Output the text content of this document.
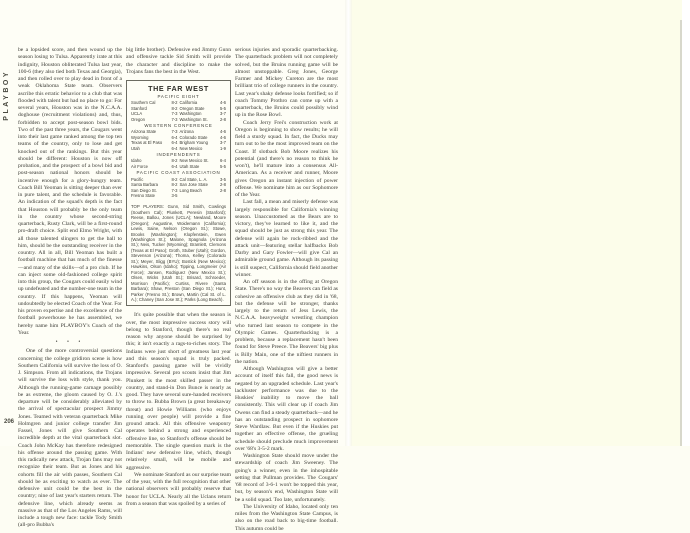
PLAYBOY
206

be a lopsided score, and then wound up the season losing to Tulsa. Apparently irate at this indignity, Houston obliterated Tulsa last year, 100-6 (they also tied both Texas and Georgia), and then rolled over to play dead in front of a weak Oklahoma State team. Observers ascribe this erratic behavior to a club that was flooded with talent but had no place to go: For several years, Houston was in the N.C.A.A. doghouse (recruitment violations) and, thus, forbidden to accept post-season bowl bids. Two of the past three years, the Cougars went into their last game ranked among the top ten teams of the country, only to lose and get knocked out of the rankings. But this year should be different: Houston is now off probation, and the prospect of a bowl bid and post-season national honors should be incentive enough for a glory-hungry team. Coach Bill Yeoman is sitting deeper than ever in pure talent, and the schedule is favorable. An indication of the squad's depth is the fact that Houston will probably be the only team in the country whose second-string quarterback, Rusty Clark, will be a first-round pro-draft choice. Split end Elmo Wright, with all those talented slingers to get the ball to him, should be the outstanding receiver in the country. All in all, Bill Yeoman has built a football machine that has much of the finesse—and many of the skills—of a pro club. If he can inject some old-fashioned college spirit into this group, the Cougars could easily wind up undefeated and the number-one team in the country. If this happens, Yeoman will undoubtedly be elected Coach of the Year. For his proven expertise and the excellence of the football powerhouse he has assembled, we hereby name him PLAYBOY's Coach of the Year.

• • •

One of the more controversial questions concerning the college gridiron scene is how Southern California will survive the loss of O. J. Simpson. From all indications, the Trojans will survive the loss with style, thank you. Although the running-game carnage possibly be as extreme, the gloom caused by O. J.'s departure will be considerably alleviated by the arrival of spectacular prospect Jimmy Jones. Teamed with veteran quarterback Mike Holmgren and junior college transfer Jim Fassel, Jones will give Southern Cal incredible depth at the vital quarterback slot. Coach John McKay has therefore redesigned his offense around the passing game. With this radically new attack, Trojan fans may not recognize their team. But as Jones and his cohorts fill the air with passes, Southern Cal should be as exciting to watch as ever. The defensive unit could be the best in the country; nine of last year's starters return. The defensive line, which already seems as massive as that of the Los Angeles Rams, will include a tough new face: tackle Tody Smith (all-pro Bubba's

big little brother). Defensive end Jimmy Gunn and offensive tackle Sid Smith will provide the character and discipline to make the Trojans fans the best in the West.

THE FAR WEST
PACIFIC EIGHT
Southern Cal	8-2 California	4-6
Stanford	8-2 Oregon State	5-5
UCLA	7-3 Washington	3-7
Oregon	7-3 Washington St.	2-8
WESTERN CONFERENCE
Arizona State	7-3 Arizona	4-6
Wyoming	6-4 Colorado State	4-6
Texas at El Paso	6-4 Brigham Young	3-7
Utah	6-4 New Mexico	1-9
INDEPENDENTS
Idaho	8-2 New Mexico St.	6-4
Air Force	6-4 Utah State	5-5
PACIFIC COAST ASSOCIATION
Pacific	8-2 Cal State, L. A.	3-5
Santa Barbara	8-2 San Jose State	2-8
San Diego St.	7-3 Long Beach	2-8
Fresno State	3-5
TOP PLAYERS: Gunn, Sid Smith, Cowlings (Southern Cal); Plunkett, Peresin (Stanford); Reese, Ballou, Jones (UCLA); Newland, Moore (Oregon); Augustine, Woidemann (California); Lewis, Saine, Nelson (Oregon St.); Stowe, Brooks (Washington); Klopfenstein, Ewen (Washington St.); Malone, Spagnola (Arizona St.); Neis, Tucker (Wyoming); Bramlett, Clemons (Texas at El Paso); Groth, Stuber (Utah); Gordon, Stevenson (Arizona); Thoma, Kelley (Colorado St.); Meyer, Sligg (BYU); Bostick (New Mexico); Hawkins, Olson (Idaho); Tipping, Longmeier (Air Force); Jansen, Rodriguez (New Mexico St.); Olsen, Wicks (Utah St.); Brisard, Schroeder, Morrison (Pacific); Curtiss, Rivere (Santa Barbara); Shaw, Preston (San Diego St.); Hunt, Parker (Fresno St.); Brown, Martin (Cal St. of L. A.); Chaney (San Jose St.); Parks (Long Beach).

It's quite possible that when the season is over, the most impressive success story will belong to Stanford, though there's no real reason why anyone should be surprised by this; it isn't exactly a rags-to-riches story. The Indians were just short of greatness last year and this season's squad is truly packed. Stanford's passing game will be vividly impressive. Several pro scouts insist that Jim Plunkett is the most skilled passer in the country, and stand-in Don Bunce is nearly as good. They have several sure-handed receivers to throw to. Bubba Brown (a great breakaway threat) and Howie Williams (who enjoys running over people) will provide a fine ground attack. All this offensive weaponry operates behind a strong and experienced offensive line, so Stanford's offense should be memorable. The single question mark is the Indians' new defensive line, which, though relatively small, will be mobile and aggressive.

We nominate Stanford as our surprise team of the year, with the full recognition that other national observers will probably reserve that honor for UCLA. Nearly all the Uclans return from a season that was spoiled by a series of

serious injuries and sporadic quarterbacking. The quarterback problem will not completely solved, but the Bruins running game will be almost unstoppable. Greg Jones, George Farmer and Mickey Cureton are the most brilliant trio of college runners in the country. Last year's shaky defense looks fortified; so if coach Tommy Prothro can come up with a quarterback, the Bruins could possibly wind up in the Rose Bowl.

Coach Jerry Frei's construction work at Oregon is beginning to show results; he will field a sturdy squad. In fact, the Ducks may turn out to be the most improved team on the Coast. If slotback Bob Moore realizes his potential (and there's no reason to think he won't), he'll mature into a consensus All-American. As a receiver and runner, Moore gives Oregon an instant injection of power offense. We nominate him as our Sophomore of the Year.

Last fall, a mean and miserly defense was largely responsible for California's winning season. Unaccustomed as the Bears are to victory, they've learned to like it, and the squad should be just as strong this year. The defense will again be rock-ribbed and the attack unit—featuring stellar halfbacks Bob Darby and Gary Fowler—will give Cal an admirable ground game. Although its passing is still suspect, California should field another winner.

An off season is in the offing at Oregon State. There's no way the Beavers can field as cohesive an offensive club as they did in '68, but the defense will be stronger, thanks largely to the return of Jess Lewis, the N.C.A.A. heavyweight wrestling champion who turned last season to compete in the Olympic Games. Quarterbacking is a problem, because a replacement hasn't been found for Steve Preece. The Beavers' big plus is Billy Main, one of the niftiest runners in the nation.

Although Washington will give a better account of itself this fall, the good news is negated by an upgraded schedule. Last year's lackluster performance was due to the Huskies' inability to move the ball consistently. This will clear up if coach Jim Owens can find a steady quarterback—and he has an outstanding prospect in sophomore Steve Wardlaw. But even if the Huskies put together an effective offense, the grueling schedule should preclude much improvement over '68's 3-5-2 mark.

Washington State should move under the stewardship of coach Jim Sweeney. The going's a winner, even in the inhospitable setting that Pullman provides. The Cougars' '68 record of 3-6-1 won't be topped this year, but, by season's end, Washington State will be a solid squad. Too late, unfortunately.

The University of Idaho, located only ten miles from the Washington State Campus, is also on the road back to big-time football. This autumn could be
